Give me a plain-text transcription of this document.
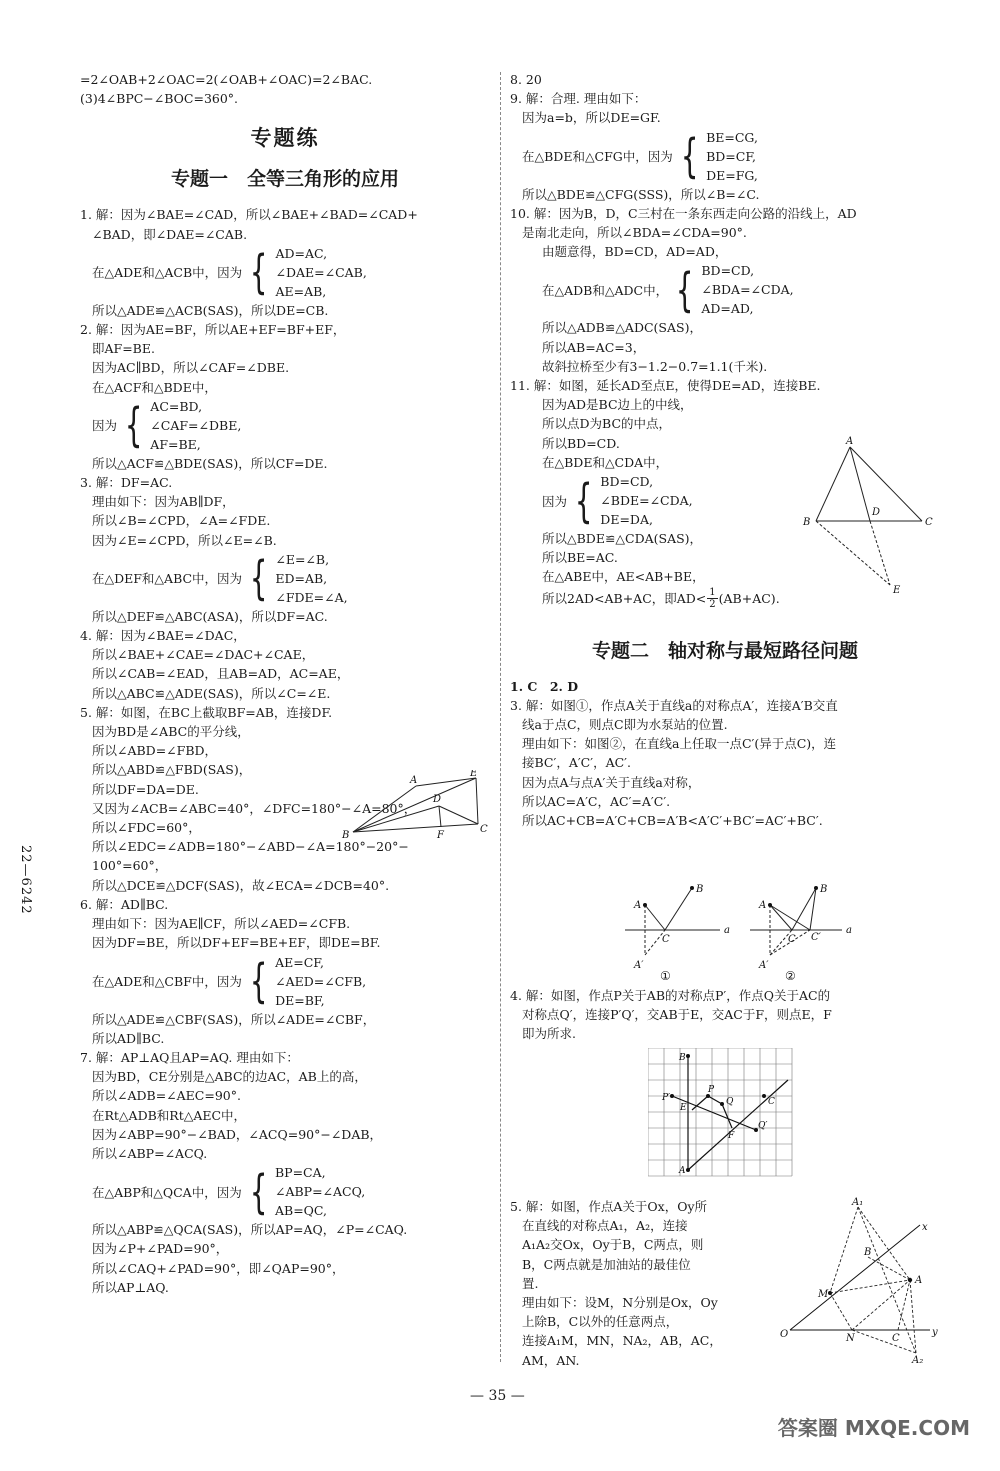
22—6242
=2∠OAB+2∠OAC=2(∠OAB+∠OAC)=2∠BAC.
(3)4∠BPC−∠BOC=360°.
专题练
专题一　全等三角形的应用
1. 解：因为∠BAE=∠CAD，所以∠BAE+∠BAD=∠CAD+
∠BAD，即∠DAE=∠CAB.
在△ADE和△ACB中，因为 { AD=AC,
∠DAE=∠CAB,
AE=AB,
所以△ADE≌△ACB(SAS)，所以DE=CB.
2. 解：因为AE=BF，所以AE+EF=BF+EF，
即AF=BE.
因为AC∥BD，所以∠CAF=∠DBE.
在△ACF和△BDE中，
因为 { AC=BD,
∠CAF=∠DBE,
AF=BE,
所以△ACF≌△BDE(SAS)，所以CF=DE.
3. 解：DF=AC.
理由如下：因为AB∥DF，
所以∠B=∠CPD，∠A=∠FDE.
因为∠E=∠CPD，所以∠E=∠B.
在△DEF和△ABC中，因为 { ∠E=∠B,
ED=AB,
∠FDE=∠A,
所以△DEF≌△ABC(ASA)，所以DF=AC.
4. 解：因为∠BAE=∠DAC，
所以∠BAE+∠CAE=∠DAC+∠CAE，
所以∠CAB=∠EAD，且AB=AD，AC=AE，
所以△ABC≌△ADE(SAS)，所以∠C=∠E.
5. 解：如图，在BC上截取BF=AB，连接DF.
因为BD是∠ABC的平分线，
所以∠ABD=∠FBD，
所以△ABD≌△FBD(SAS)，
所以DF=DA=DE.
又因为∠ACB=∠ABC=40°，∠DFC=180°−∠A=80°，
所以∠FDC=60°，
所以∠EDC=∠ADB=180°−∠ABD−∠A=180°−20°−
100°=60°，
所以△DCE≌△DCF(SAS)，故∠ECA=∠DCB=40°.
6. 解：AD∥BC.
理由如下：因为AE∥CF，所以∠AED=∠CFB.
因为DF=BE，所以DF+EF=BE+EF，即DE=BF.
在△ADE和△CBF中，因为 { AE=CF,
∠AED=∠CFB,
DE=BF,
所以△ADE≌△CBF(SAS)，所以∠ADE=∠CBF，
所以AD∥BC.
7. 解：AP⊥AQ且AP=AQ. 理由如下：
因为BD，CE分别是△ABC的边AC，AB上的高，
所以∠ADB=∠AEC=90°.
在Rt△ADB和Rt△AEC中，
因为∠ABP=90°−∠BAD，∠ACQ=90°−∠DAB，
所以∠ABP=∠ACQ.
在△ABP和△QCA中，因为 { BP=CA,
∠ABP=∠ACQ,
AB=QC,
所以△ABP≌△QCA(SAS)，所以AP=AQ，∠P=∠CAQ.
因为∠P+∠PAD=90°，
所以∠CAQ+∠PAD=90°，即∠QAP=90°，
所以AP⊥AQ.
A
B
C
D
E
F
8. 20
9. 解：合理. 理由如下：
因为a=b，所以DE=GF.
在△BDE和△CFG中，因为 { BE=CG,
BD=CF,
DE=FG,
所以△BDE≌△CFG(SSS)，所以∠B=∠C.
10. 解：因为B，D，C三村在一条东西走向公路的沿线上，AD
是南北走向，所以∠BDA=∠CDA=90°.
由题意得，BD=CD，AD=AD，
在△ADB和△ADC中， { BD=CD,
∠BDA=∠CDA,
AD=AD,
所以△ADB≌△ADC(SAS)，
所以AB=AC=3，
故斜拉桥至少有3−1.2−0.7=1.1(千米).
11. 解：如图，延长AD至点E，使得DE=AD，连接BE.
因为AD是BC边上的中线，
所以点D为BC的中点，
所以BD=CD.
在△BDE和△CDA中，
因为 { BD=CD,
∠BDE=∠CDA,
DE=DA,
所以△BDE≌△CDA(SAS)，
所以BE=AC.
在△ABE中，AE<AB+BE，
所以2AD<AB+AC，即$AD< \frac{1}{2} (AB+AC)$.
专题二　轴对称与最短路径问题
1. C　2. D
3. 解：如图①，作点A关于直线a的对称点A′，连接A′B交直
线a于点C，则点C即为水泵站的位置.
理由如下：如图②，在直线a上任取一点C′(异于点C)，连
接BC′，A′C′，AC′.
因为点A与点A′关于直线a对称，
所以AC=A′C，AC′=A′C′.
所以AC+CB=A′C+CB=A′B<A′C′+BC′=AC′+BC′.
A
B	C
D
E
A
B
C
A′
a
A
B
C C′
A′
a
①	②
4. 解：如图，作点P关于AB的对称点P′，作点Q关于AC的
对称点Q′，连接P′Q′，交AB于E，交AC于F，则点E，F
即为所求.
B
P
P′
E
Q	C
F
Q′
A
5. 解：如图，作点A关于Ox，Oy所
在直线的对称点A₁，A₂，连接
A₁A₂交Ox，Oy于B，C两点，则
B，C两点就是加油站的最佳位
置.
理由如下：设M，N分别是Ox，Oy
上除B，C以外的任意两点，
连接A₁M，MN，NA₂，AB，AC，
AM，AN.
A₁
x
B
M
A
O	N	C
y
A₂
— 35 —
答案圈 MXQE.COM
